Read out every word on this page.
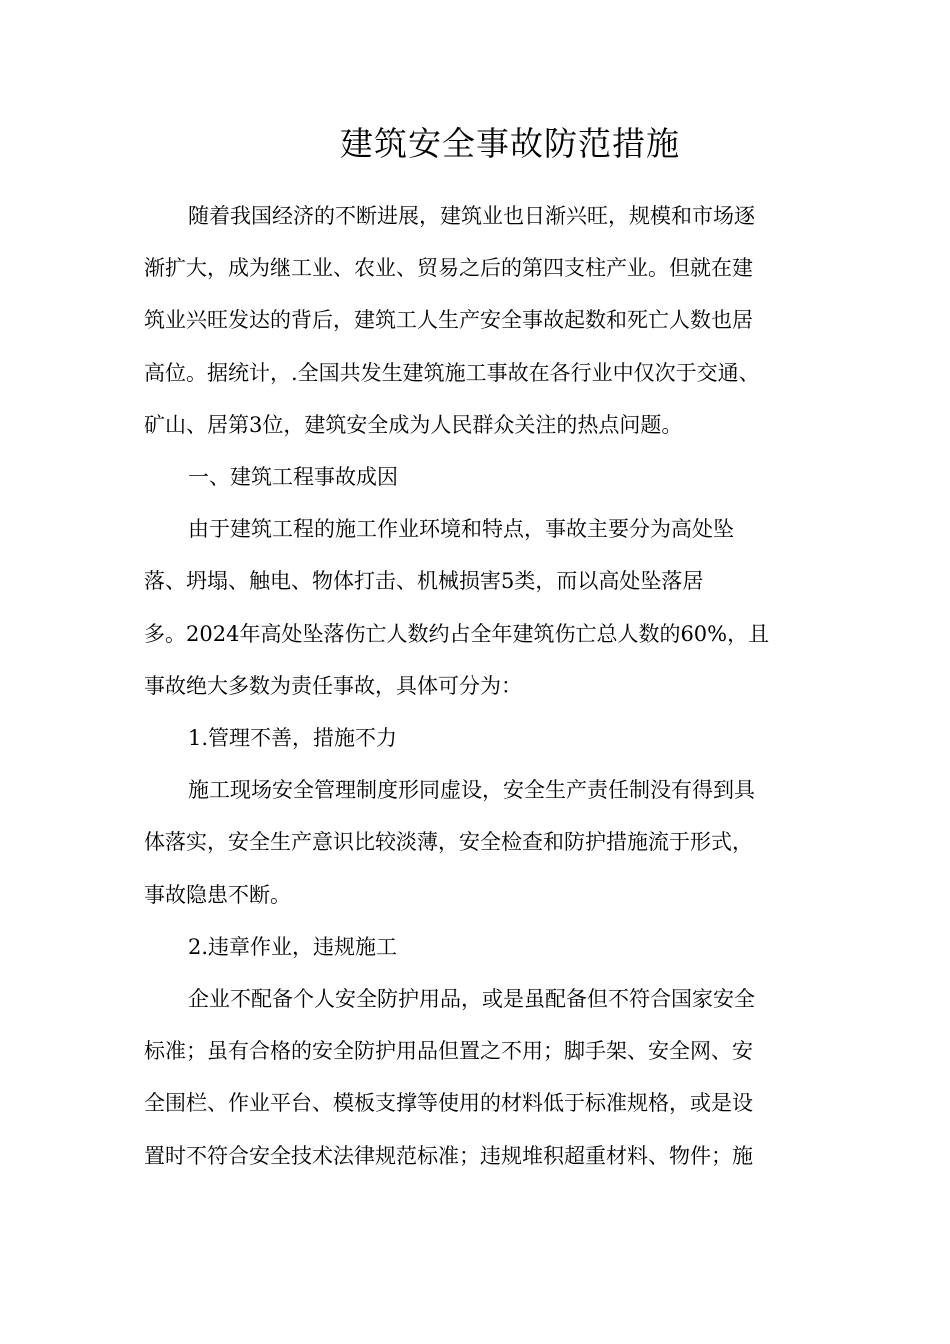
建筑安全事故防范措施

随着我国经济的不断进展，建筑业也日渐兴旺，规模和市场逐

渐扩大，成为继工业、农业、贸易之后的第四支柱产业。但就在建

筑业兴旺发达的背后，建筑工人生产安全事故起数和死亡人数也居

高位。据统计，.全国共发生建筑施工事故在各行业中仅次于交通、

矿山、居第3位，建筑安全成为人民群众关注的热点问题。

一、建筑工程事故成因

由于建筑工程的施工作业环境和特点，事故主要分为高处坠

落、坍塌、触电、物体打击、机械损害5类，而以高处坠落居

多。2024年高处坠落伤亡人数约占全年建筑伤亡总人数的60%，且

事故绝大多数为责任事故，具体可分为：

1.管理不善，措施不力

施工现场安全管理制度形同虚设，安全生产责任制没有得到具

体落实，安全生产意识比较淡薄，安全检查和防护措施流于形式，

事故隐患不断。

2.违章作业，违规施工

企业不配备个人安全防护用品，或是虽配备但不符合国家安全

标准；虽有合格的安全防护用品但置之不用；脚手架、安全网、安

全围栏、作业平台、模板支撑等使用的材料低于标准规格，或是设

置时不符合安全技术法律规范标准；违规堆积超重材料、物件；施
